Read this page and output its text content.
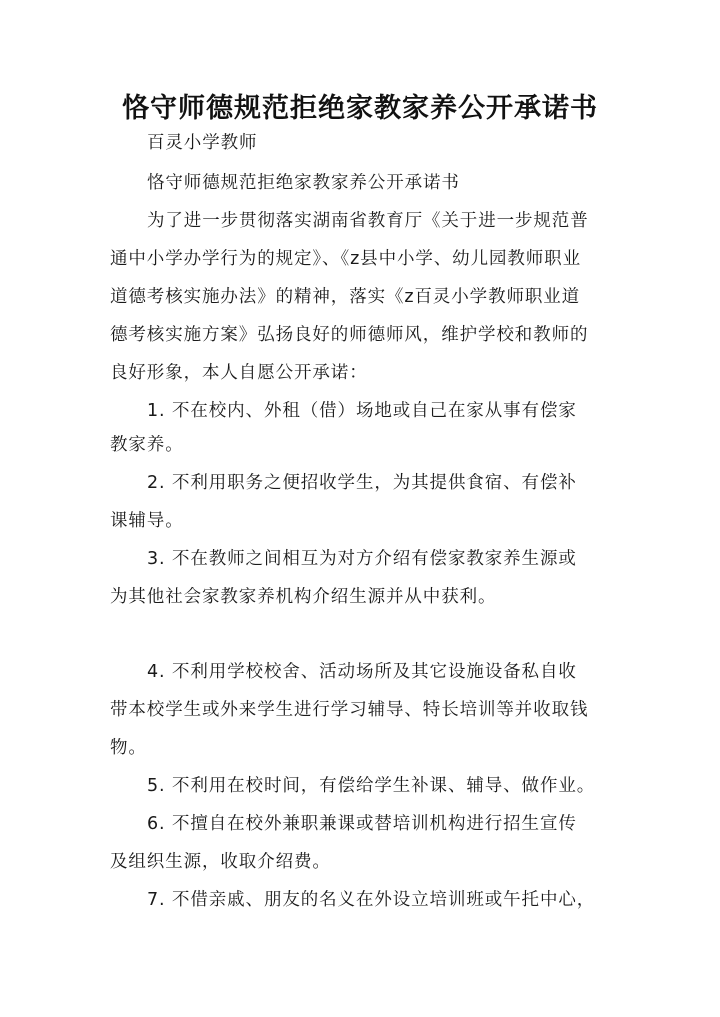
恪守师德规范拒绝家教家养公开承诺书
百灵小学教师
恪守师德规范拒绝家教家养公开承诺书
为了进一步贯彻落实湖南省教育厅《关于进一步规范普
通中小学办学行为的规定》、《z县中小学、幼儿园教师职业
道德考核实施办法》的精神，落实《z百灵小学教师职业道
德考核实施方案》弘扬良好的师德师风，维护学校和教师的
良好形象，本人自愿公开承诺：
1. 不在校内、外租（借）场地或自己在家从事有偿家
教家养。
2. 不利用职务之便招收学生，为其提供食宿、有偿补
课辅导。
3. 不在教师之间相互为对方介绍有偿家教家养生源或
为其他社会家教家养机构介绍生源并从中获利。
4. 不利用学校校舍、活动场所及其它设施设备私自收
带本校学生或外来学生进行学习辅导、特长培训等并收取钱
物。
5. 不利用在校时间，有偿给学生补课、辅导、做作业。
6. 不擅自在校外兼职兼课或替培训机构进行招生宣传
及组织生源，收取介绍费。
7. 不借亲戚、朋友的名义在外设立培训班或午托中心，
